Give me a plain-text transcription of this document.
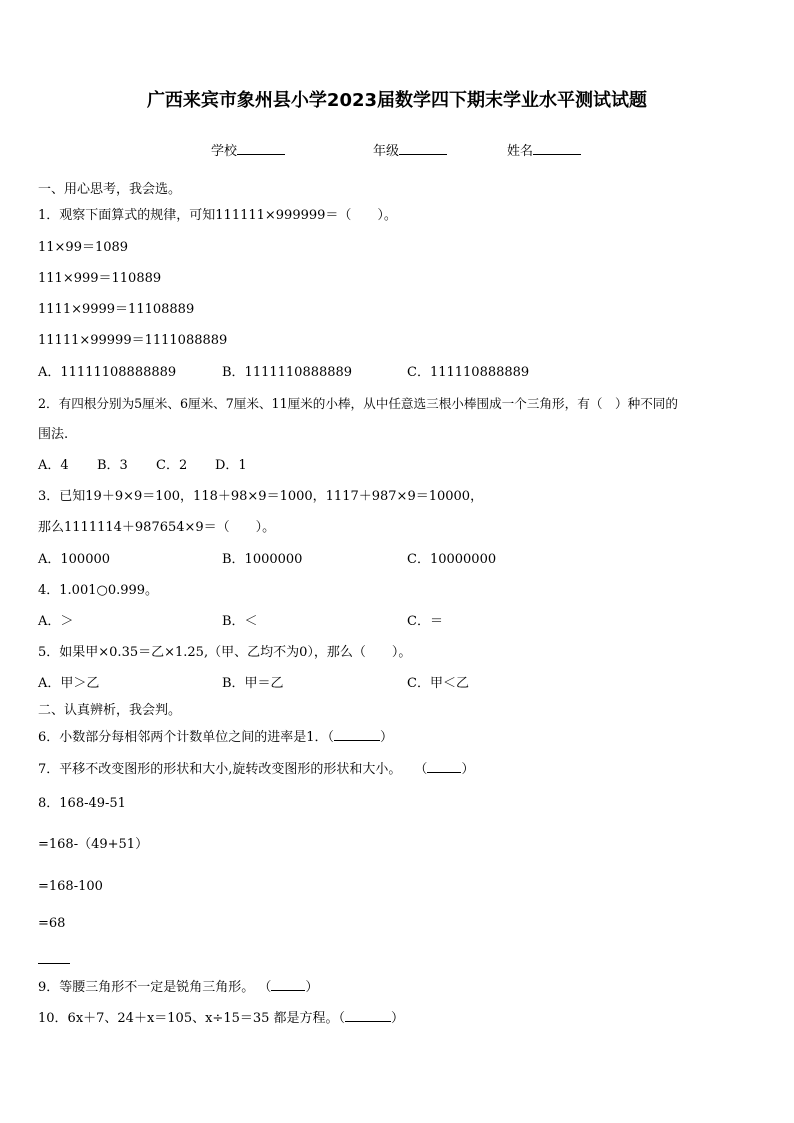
广西来宾市象州县小学2023届数学四下期末学业水平测试试题
学校	年级	姓名
一、用心思考，我会选。
1．观察下面算式的规律，可知111111×999999＝（　　）。
11×99＝1089
111×999＝110889
1111×9999＝11108889
11111×99999＝1111088889
A．11111108888889	B．1111110888889	C．111110888889
2．有四根分别为5厘米、6厘米、7厘米、11厘米的小棒，从中任意选三根小棒围成一个三角形，有（　）种不同的
围法.
A．4 B．3 C．2 D．1
3．已知19＋9×9＝100，118＋98×9＝1000，1117＋987×9＝10000，
那么1111114＋987654×9＝（　　）。
A．100000	B．1000000	C．10000000
4．1.001○0.999。
A．＞	B．＜	C．＝
5．如果甲×0.35＝乙×1.25,（甲、乙均不为0），那么（　　）。
A．甲＞乙	B．甲＝乙	C．甲＜乙
二、认真辨析，我会判。
6．小数部分每相邻两个计数单位之间的进率是1．（	）
7．平移不改变图形的形状和大小,旋转改变图形的形状和大小。　　（	）
8．168-49-51
=168-（49+51）
=168-100
=68
9．等腰三角形不一定是锐角三角形。 （	）
10．6x＋7、24＋x＝105、x÷15＝35 都是方程。（	）
